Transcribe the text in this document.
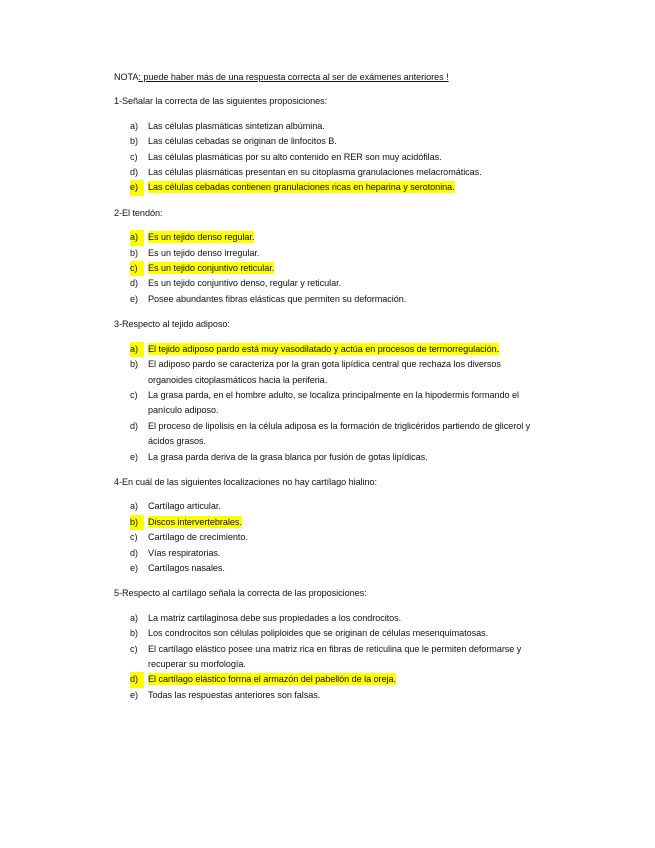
NOTA: puede haber más de una respuesta correcta al ser de exámenes anteriores !
1-Señalar la correcta de las siguientes proposiciones:
a)	Las células plasmáticas sintetizan albúmina.
b)	Las células cebadas se originan de linfocitos B.
c)	Las células plasmáticas por su alto contenido en RER son muy acidófilas.
d)	Las células plasmáticas presentan en su citoplasma granulaciones melacromáticas.
e)	Las células cebadas contienen granulaciones ricas en heparina y serotonina.
2-El tendón:
a)	Es un tejido denso regular.
b)	Es un tejido denso irregular.
c)	Es un tejido conjuntivo reticular.
d)	Es un tejido conjuntivo denso, regular y reticular.
e)	Posee abundantes fibras elásticas que permiten su deformación.
3-Respecto al tejido adiposo:
a)	El tejido adiposo pardo está muy vasodilatado y actúa en procesos de termorregulación.
b)	El adiposo pardo se caracteriza por la gran gota lipídica central que rechaza los diversos organoides citoplasmáticos hacia la periferia.
c)	La grasa parda, en el hombre adulto, se localiza principalmente en la hipodermis formando el panículo adiposo.
d)	El proceso de lipolisis en la célula adiposa es la formación de triglicéridos partiendo de glicerol y ácidos grasos.
e)	La grasa parda deriva de la grasa blanca por fusión de gotas lipídicas.
4-En cuál de las siguientes localizaciones no hay cartílago hialino:
a)	Cartílago articular.
b)	Discos intervertebrales.
c)	Cartílago de crecimiento.
d)	Vías respiratorias.
e)	Cartílagos nasales.
5-Respecto al cartílago señala la correcta de las proposiciones:
a)	La matriz cartilaginosa debe sus propiedades a los condrocitos.
b)	Los condrocitos son células poliploides que se originan de células mesenquimatosas.
c)	El cartílago elástico posee una matriz rica en fibras de reticulina que le permiten deformarse y recuperar su morfología.
d)	El cartílago elástico forma el armazón del pabellón de la oreja.
e)	Todas las respuestas anteriores son falsas.
